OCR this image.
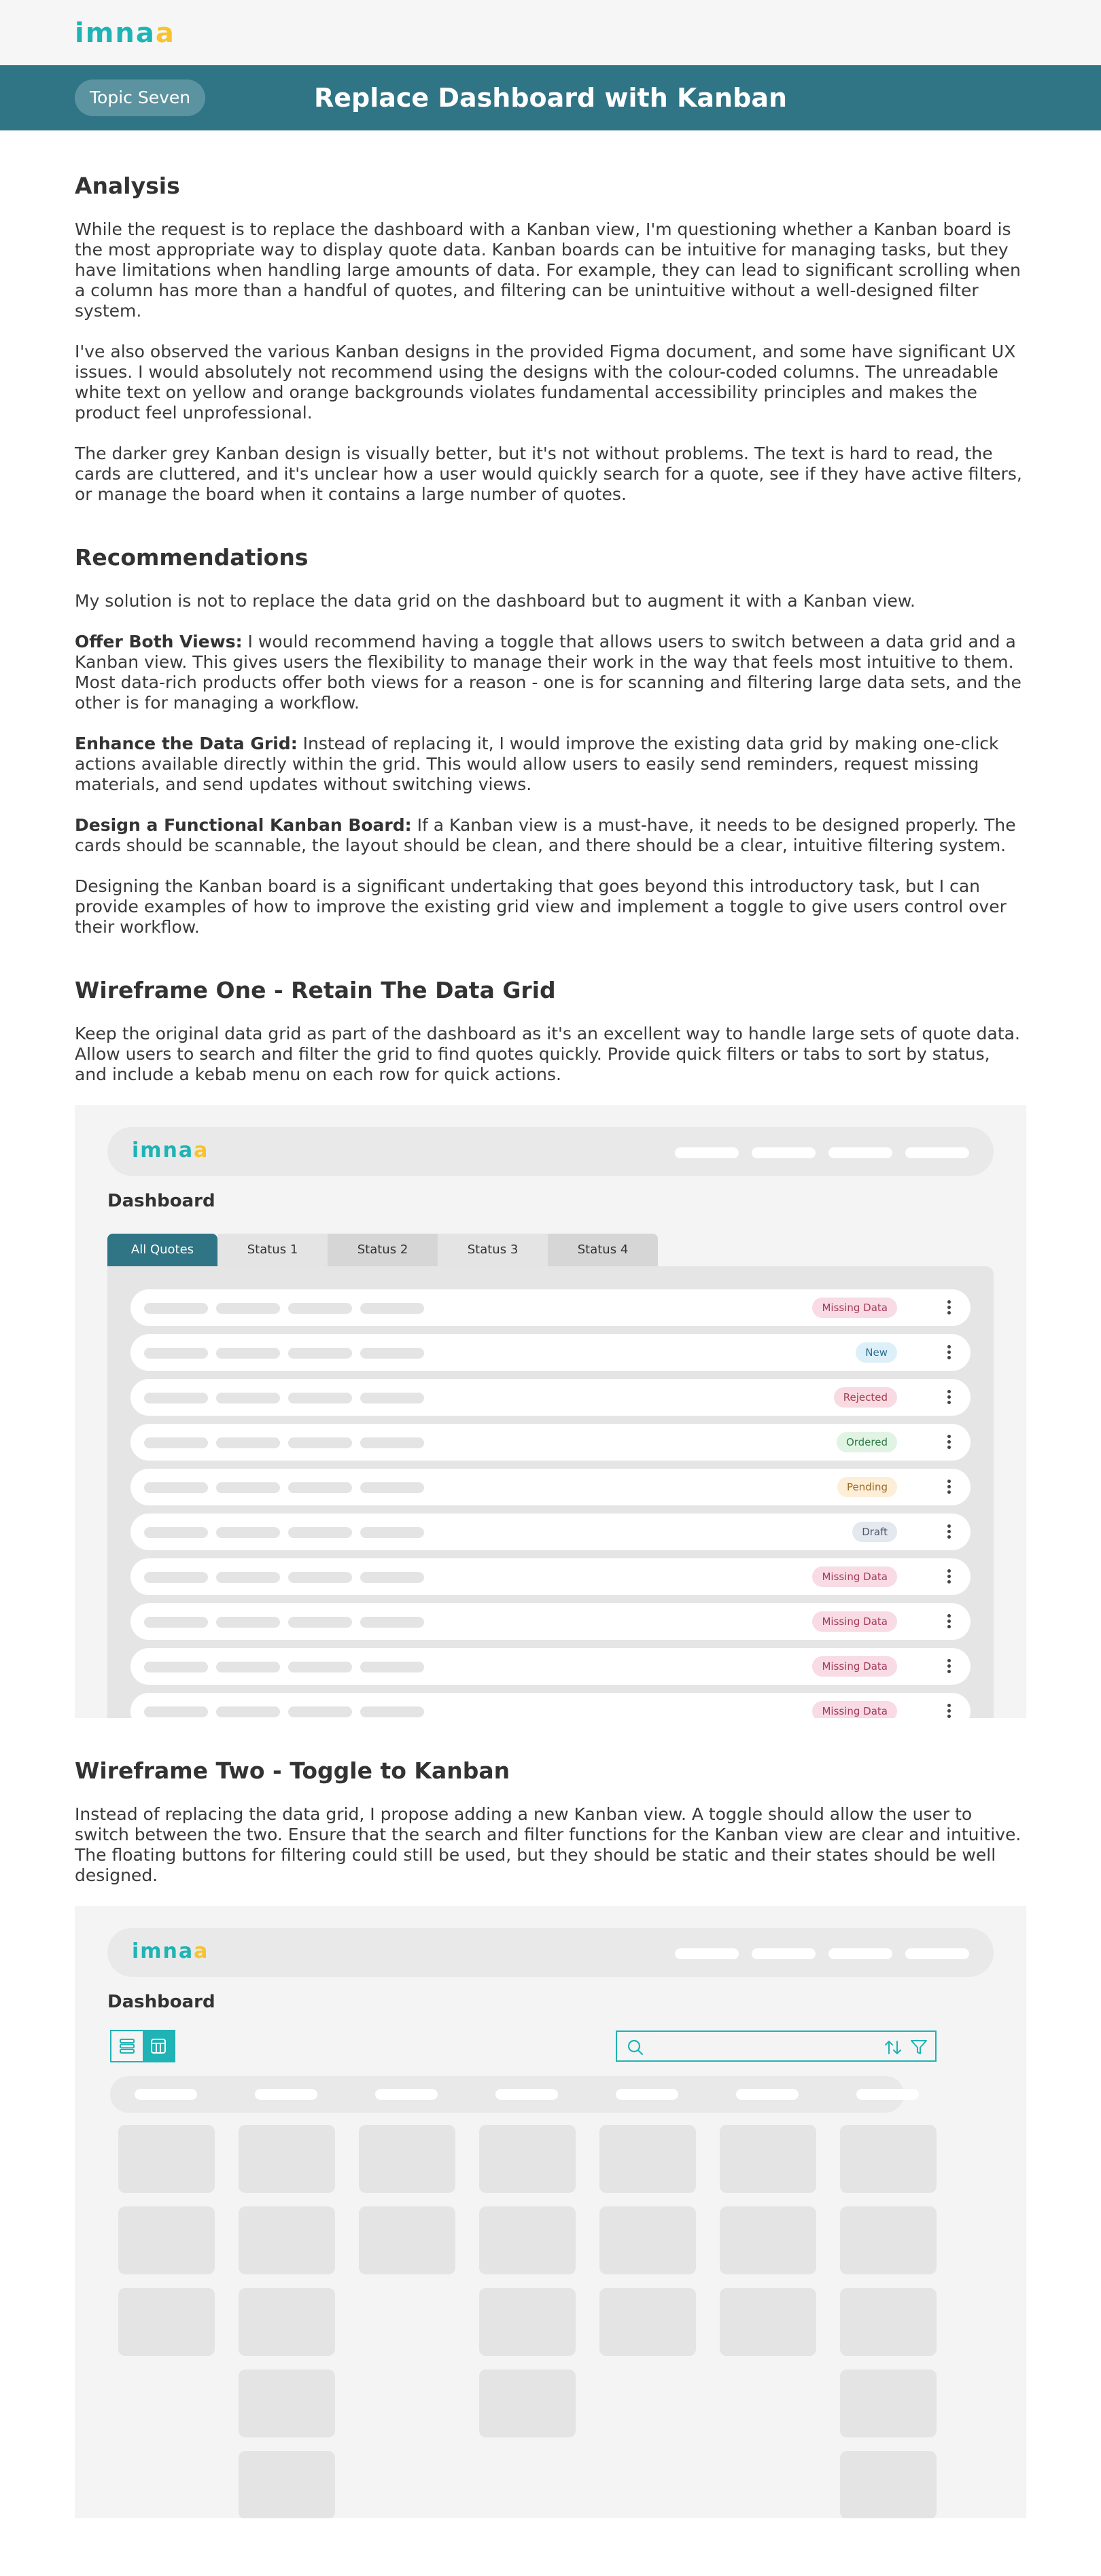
imna a
Topic Seven	Replace Dashboard with Kanban
Analysis

While the request is to replace the dashboard with a Kanban view, I'm questioning whether a Kanban board is the most appropriate way to display quote data. Kanban boards can be intuitive for managing tasks, but they have limitations when handling large amounts of data. For example, they can lead to significant scrolling when a column has more than a handful of quotes, and filtering can be unintuitive without a well-designed filter system.

I've also observed the various Kanban designs in the provided Figma document, and some have significant UX issues. I would absolutely not recommend using the designs with the colour-coded columns. The unreadable white text on yellow and orange backgrounds violates fundamental accessibility principles and makes the product feel unprofessional.

The darker grey Kanban design is visually better, but it's not without problems. The text is hard to read, the cards are cluttered, and it's unclear how a user would quickly search for a quote, see if they have active filters, or manage the board when it contains a large number of quotes.

Recommendations

My solution is not to replace the data grid on the dashboard but to augment it with a Kanban view.

Offer Both Views: I would recommend having a toggle that allows users to switch between a data grid and a Kanban view. This gives users the flexibility to manage their work in the way that feels most intuitive to them. Most data-rich products offer both views for a reason - one is for scanning and filtering large data sets, and the other is for managing a workflow.

Enhance the Data Grid: Instead of replacing it, I would improve the existing data grid by making one-click actions available directly within the grid. This would allow users to easily send reminders, request missing materials, and send updates without switching views.

Design a Functional Kanban Board: If a Kanban view is a must-have, it needs to be designed properly. The cards should be scannable, the layout should be clean, and there should be a clear, intuitive filtering system.

Designing the Kanban board is a significant undertaking that goes beyond this introductory task, but I can provide examples of how to improve the existing grid view and implement a toggle to give users control over their workflow.

Wireframe One - Retain The Data Grid

Keep the original data grid as part of the dashboard as it's an excellent way to handle large sets of quote data. Allow users to search and filter the grid to find quotes quickly. Provide quick filters or tabs to sort by status, and include a kebab menu on each row for quick actions.

imna a
Dashboard
All Quotes	Status 1	Status 2	Status 3	Status 4
Missing Data
New
Rejected
Ordered
Pending
Draft
Missing Data
Missing Data
Missing Data
Missing Data
Wireframe Two - Toggle to Kanban

Instead of replacing the data grid, I propose adding a new Kanban view. A toggle should allow the user to switch between the two. Ensure that the search and filter functions for the Kanban view are clear and intuitive. The floating buttons for filtering could still be used, but they should be static and their states should be well designed.

imna a
Dashboard
